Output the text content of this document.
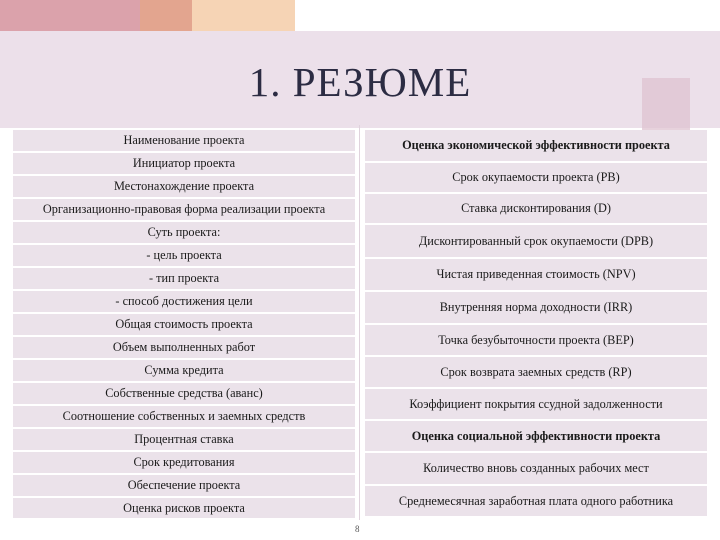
1. РЕЗЮМЕ
Наименование проекта
Инициатор проекта
Местонахождение проекта
Организационно-правовая форма реализации проекта
Суть проекта:
- цель проекта
- тип проекта
- способ достижения цели
Общая стоимость проекта
Объем выполненных работ
Сумма кредита
Собственные средства (аванс)
Соотношение собственных и заемных средств
Процентная ставка
Срок кредитования
Обеспечение проекта
Оценка рисков проекта
Оценка экономической эффективности проекта
Срок окупаемости проекта (PB)
Ставка дисконтирования (D)
Дисконтированный срок окупаемости (DPB)
Чистая приведенная стоимость (NPV)
Внутренняя норма доходности (IRR)
Точка безубыточности проекта (BEP)
Срок возврата заемных средств (RP)
Коэффициент покрытия ссудной задолженности
Оценка социальной эффективности проекта
Количество вновь созданных рабочих мест
Среднемесячная заработная плата одного работника
8
